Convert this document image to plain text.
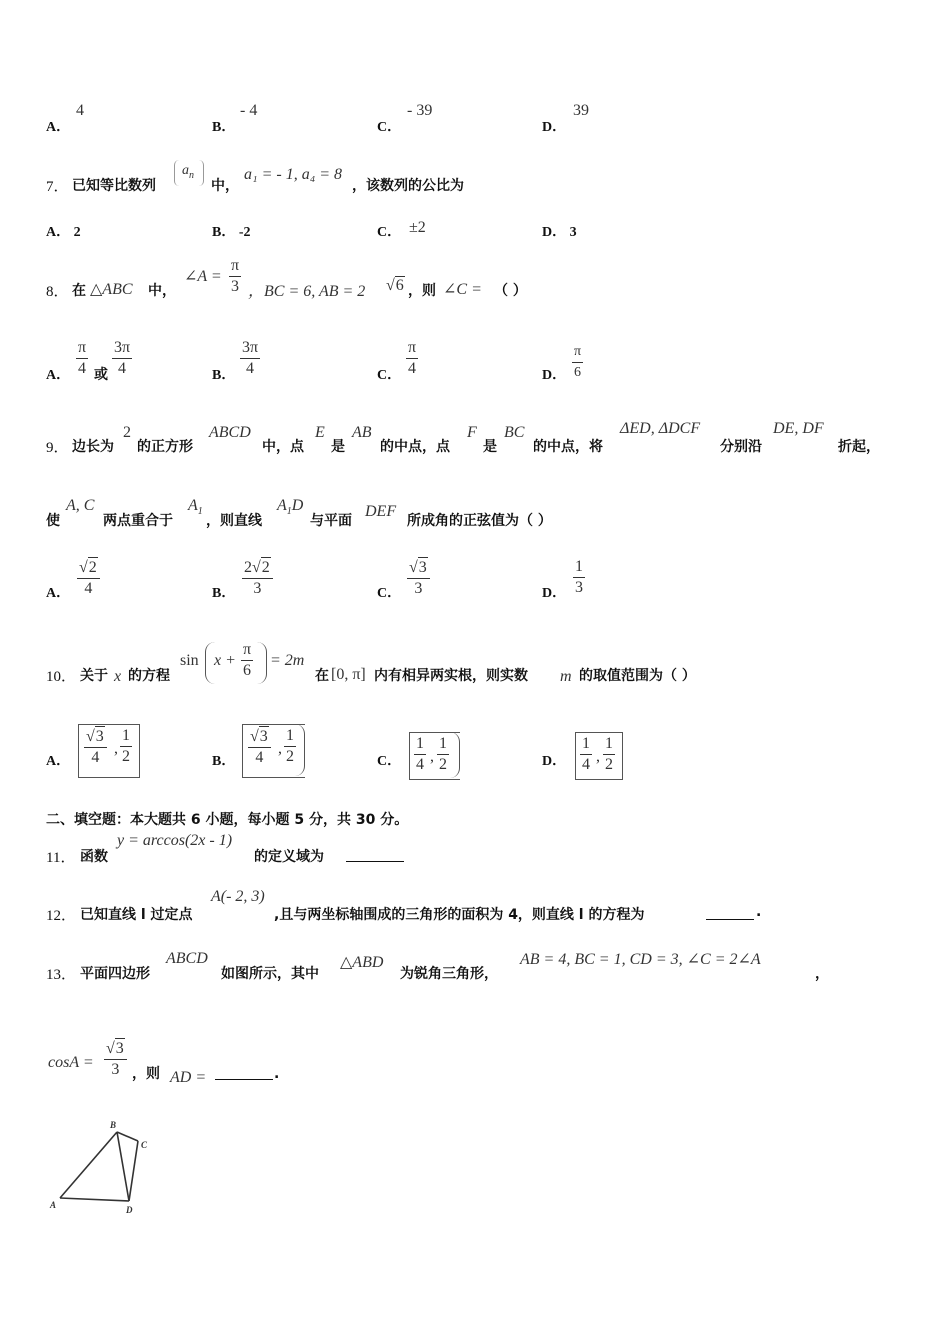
A．
4
B．
- 4
C．
- 39
D．
39
7． 已知等比数列
$a_n$
中，
a₁ = - 1, a₄ = 8
，该数列的公比为
A． 2	B． -2	C． ±2	D． 3
8． 在 △ABC 中，
∠A = $\frac{\pi}{3}$ ，BC = 6, AB = 2 √6 ，则 ∠C = （ ）
A． $\frac{\pi}{4}$ 或 $\frac{3\pi}{4}$	B． $\frac{3\pi}{4}$	C． $\frac{\pi}{4}$	D． $\frac{\pi}{6}$
9． 边长为
2
的正方形
ABCD
中，点
E
是
AB
的中点，点
F
是
BC
的中点，将
ΔED, ΔDCF
分别沿
DE, DF
折起，
使
A, C
两点重合于
$A_1$
，则直线
$A_1D$
与平面
DEF
所成角的正弦值为（ ）
A． $\frac{√2}{4}$	B． $\frac{2√2}{3}$	C． $\frac{√3}{3}$	D． $\frac{1}{3}$
10． 关于 x 的方程
$\sin x + \frac{\pi}{6} = 2m$
在 [0, π] 内有相异两实根，则实数 m 的取值范围为（ ）
A． $\frac{√3}{4}$ , $\frac{1}{2}$	B． $\frac{√3}{4}$ , $\frac{1}{2}$	C． $\frac{1}{4}$ , $\frac{1}{2}$	D． $\frac{1}{4}$ , $\frac{1}{2}$
二、填空题：本大题共 6 小题，每小题 5 分，共 30 分。
11． 函数
y = arccos(2x - 1)
的定义域为
12． 已知直线 l 过定点
A(- 2, 3)
,且与两坐标轴围成的三角形的面积为 4，则直线 l 的方程为	.
13． 平面四边形
ABCD
如图所示，其中
△ABD
为锐角三角形，
AB = 4, BC = 1, CD = 3, ∠C = 2∠A
，
$\cos A = \frac{√3}{3}$ ，则 AD =	.
A
B
C
D
